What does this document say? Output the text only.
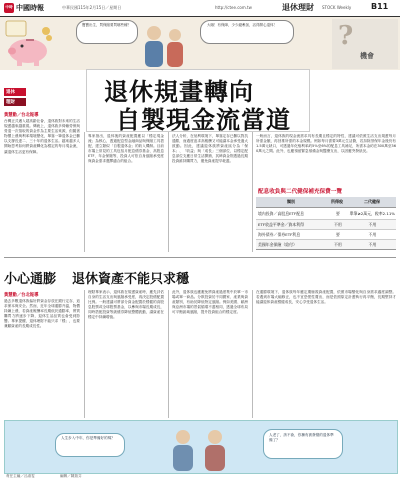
中時 中國時報	中華民國115年2月15日／星期日	http://ctee.com.tw	退休理財 STOCK Weekly B11
寶寶出生，買保險要買哪些種？	大咖！有保障，少少錢參加，活得開心退休！	?
機會
退休規畫轉向
自製現金流當道
退休
理財
黃慧勤／台北報導
台灣正式邁入超高齡社會，退休族對未來的生活規畫越來越重視。傳統上，退休族多倚賴勞保與勞退一次領取的資金作為主要生活來源，但隨著物價上漲與利率環境變化，單靠一筆退休金已難以支撐長達二、三十年的退休生活。越來越多人開始思考如何將資產轉化為穩定的每月現金流，讓退休生活更有保障。
專家指出，退休後的資產配置應以「穩定現金流」為核心，透過配息型金融商品與保險工具搭配，建立類似「自製退休金」的收入機制。目前市場上常見的工具包括月配息債券基金、高股息ETF、年金保險等，投資人可依自身風險承受度與資金需求選擇適合的組合。
法人分析，在低利環境下，單靠定存已難以對抗通膨，而過度追求高報酬又可能讓本金承受過大波動。因此，建議退休族將資產區分為「保本」、「收益」與「成長」三個部位，以穩定配息部位支應日常生活開銷，其餘資金則透過長期投資維持購買力，避免資產提早耗盡。
一般而言，退休族的現金流需求具有長期且穩定的特性，建議可依照生活支出規畫每月所需金額，再回推所需的本金規模。例如每月需要3萬元生活費，若扣除勞保年金後仍有1.5萬元缺口，可透過年化殖利率約5%至6%的配息工具補足，所需本金約在300萬至360萬元之間。此外，也應預留緊急預備金與醫療支出，以因應突發狀況。
配息收負與二代健保補充保費一覽
類別	所得稅	二代健保
境內投資／高股息ETF配息	要	單筆≥2萬元，稅率2.11%
ETF收益平準金／資本利得	不用	不用
海外債券／債券ETF利息	要	不用
美國年金保險（給付）	不用	不用
小心通膨 退休資產不能只求穩
黃慧勤／台北報導
過去多數退休族偏好將資金存放在銀行定存，追求保本與安全。然而，近年全球通膨升溫，物價持續上漲，若資產報酬率長期低於通膨率，實質購買力將逐步下降，退休生活品質也會受到影響。專家提醒，退休理財不能只求「穩」，也要兼顧資產的長期成長性。
理財專家表示，退休族在規畫資產時，應先評估自身的生活支出與風險承受度，再決定股債配置比例。一般建議可將部分資金配置於穩健的高股息股票或全球股票基金，以參與市場長期成長，同時搭配投資等級債券降低整體波動，讓資產在穩定中持續增值。
此外，退休族也應避免將資產過度集中於單一市場或單一商品。分散投資於不同國家、產業與資產類別，有助於降低特定風險。例如美國、歐洲與亞洲市場的景氣循環不盡相同，透過全球布局可平衡區域風險，提升投資組合的穩定度。
在通膨環境下，退休族每年應定期檢視資產配置，依照市場變化與自身需求適度調整。若遇到市場大幅修正，也不宜恐慌性賣出，而是依照原定計畫執行再平衡，長期堅持才能讓退休資產穩健成長，安心享受退休生活。
人生步入中年，你是準備好的嗎？
人老了，該不會，你擁有被發覺的退休準備了？
責任主編／呂淑雯	編輯／陳瑞芬
